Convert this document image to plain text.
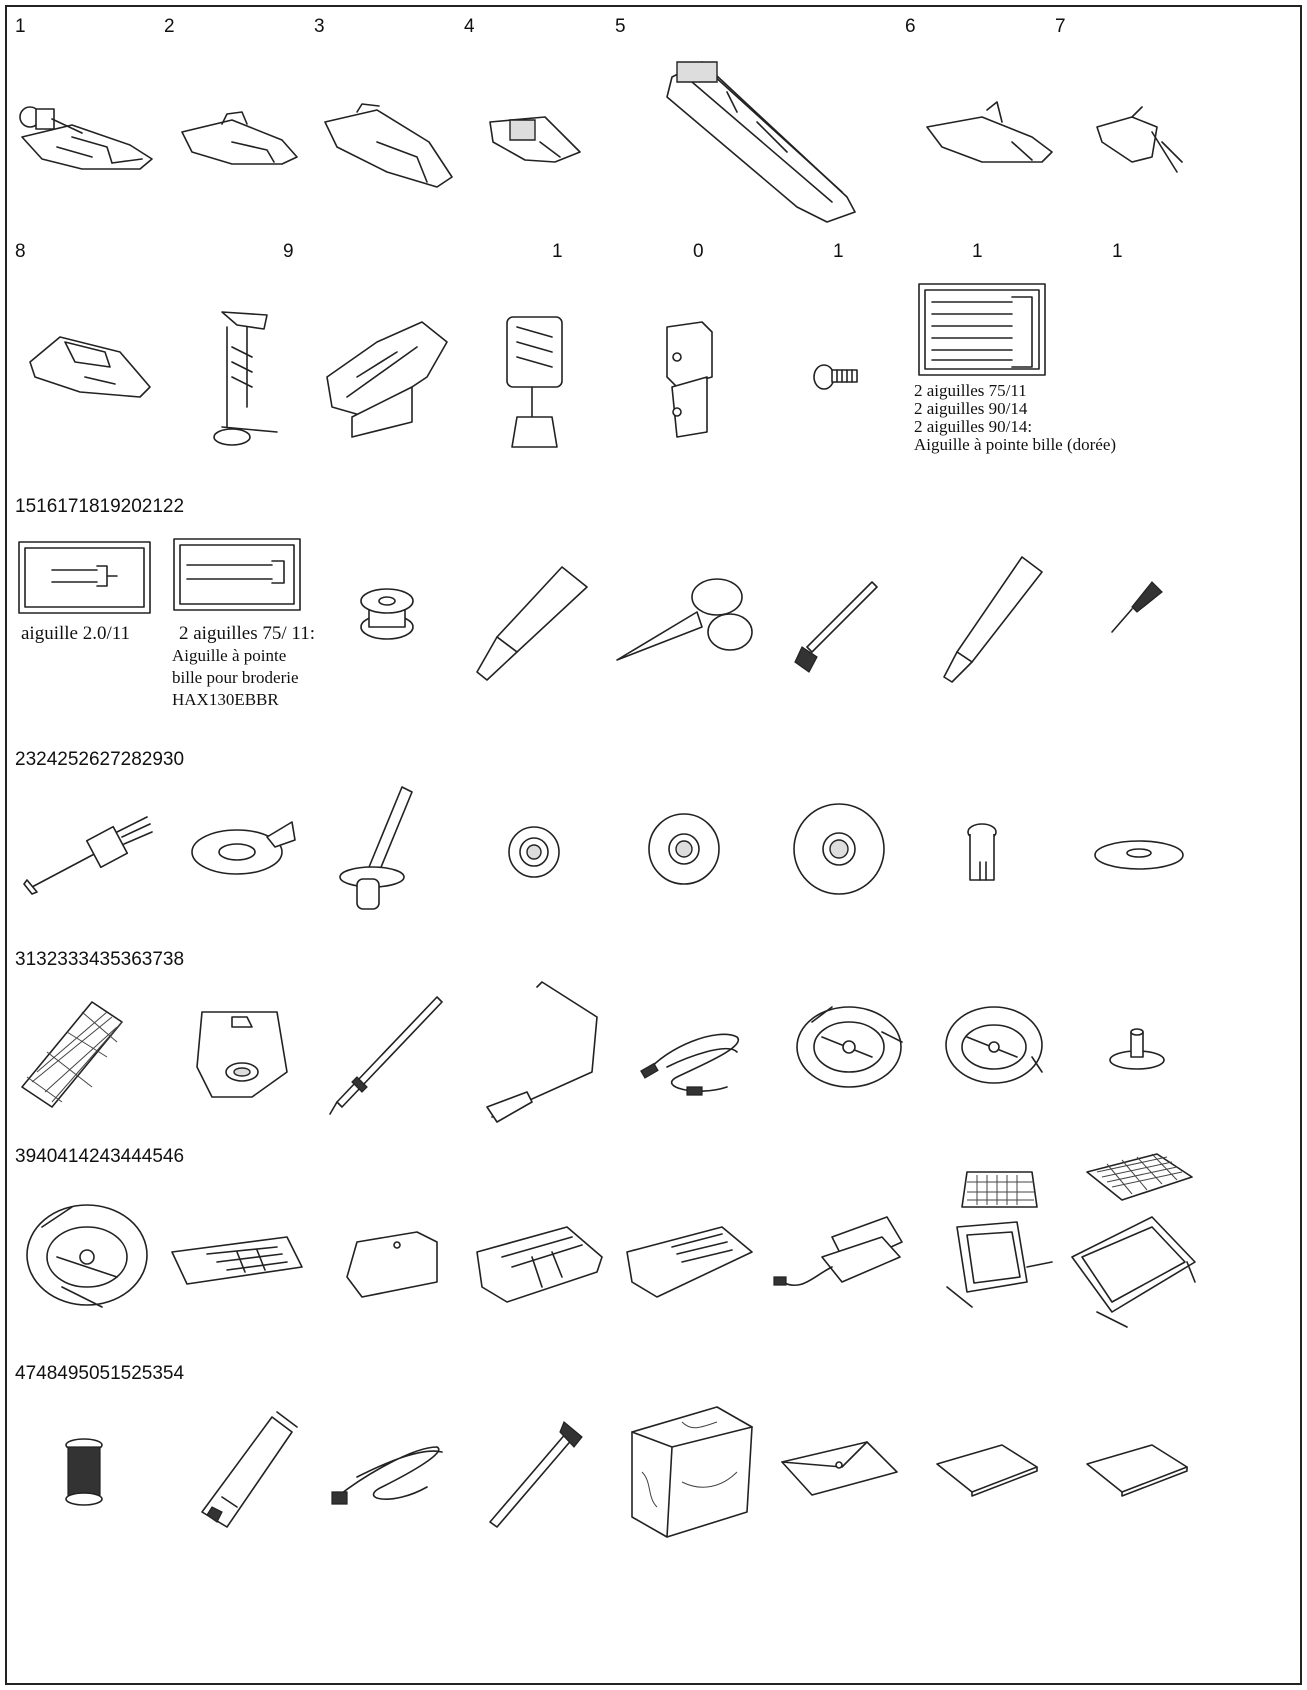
1	2	3	4	5	6	7
8	9	1	0	1	1	1
2 aiguilles 75/11
2 aiguilles 90/14
2 aiguilles 90/14:
Aiguille à pointe bille (dorée)
1516171819202122
aiguille 2.0/11	2 aiguilles 75/ 11:
Aiguille à pointe
bille pour broderie
HAX130EBBR
2324252627282930
3132333435363738
3940414243444546
4748495051525354
